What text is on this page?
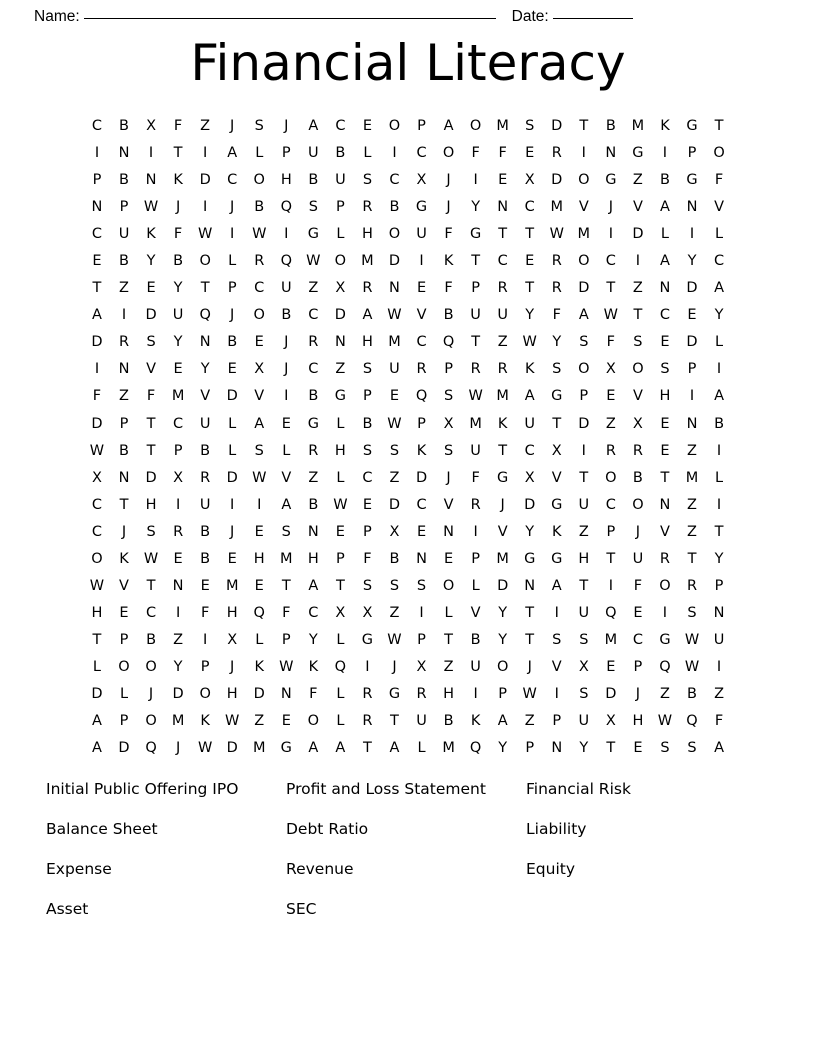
Name:	Date:
Financial Literacy
C	B	X	F	Z	J	S	J	A	C	E	O	P	A	O	M	S	D	T	B	M	K	G	T
I	N	I	T	I	A	L	P	U	B	L	I	C	O	F	F	E	R	I	N	G	I	P	O
P	B	N	K	D	C	O	H	B	U	S	C	X	J	I	E	X	D	O	G	Z	B	G	F
N	P	W	J	I	J	B	Q	S	P	R	B	G	J	Y	N	C	M	V	J	V	A	N	V
C	U	K	F	W	I	W	I	G	L	H	O	U	F	G	T	T	W	M	I	D	L	I	L
E	B	Y	B	O	L	R	Q	W	O	M	D	I	K	T	C	E	R	O	C	I	A	Y	C
T	Z	E	Y	T	P	C	U	Z	X	R	N	E	F	P	R	T	R	D	T	Z	N	D	A
A	I	D	U	Q	J	O	B	C	D	A	W	V	B	U	U	Y	F	A	W	T	C	E	Y
D	R	S	Y	N	B	E	J	R	N	H	M	C	Q	T	Z	W	Y	S	F	S	E	D	L
I	N	V	E	Y	E	X	J	C	Z	S	U	R	P	R	R	K	S	O	X	O	S	P	I
F	Z	F	M	V	D	V	I	B	G	P	E	Q	S	W	M	A	G	P	E	V	H	I	A
D	P	T	C	U	L	A	E	G	L	B	W	P	X	M	K	U	T	D	Z	X	E	N	B
W	B	T	P	B	L	S	L	R	H	S	S	K	S	U	T	C	X	I	R	R	E	Z	I
X	N	D	X	R	D	W	V	Z	L	C	Z	D	J	F	G	X	V	T	O	B	T	M	L
C	T	H	I	U	I	I	A	B	W	E	D	C	V	R	J	D	G	U	C	O	N	Z	I
C	J	S	R	B	J	E	S	N	E	P	X	E	N	I	V	Y	K	Z	P	J	V	Z	T
O	K	W	E	B	E	H	M	H	P	F	B	N	E	P	M	G	G	H	T	U	R	T	Y
W	V	T	N	E	M	E	T	A	T	S	S	S	O	L	D	N	A	T	I	F	O	R	P
H	E	C	I	F	H	Q	F	C	X	X	Z	I	L	V	Y	T	I	U	Q	E	I	S	N
T	P	B	Z	I	X	L	P	Y	L	G	W	P	T	B	Y	T	S	S	M	C	G	W	U
L	O	O	Y	P	J	K	W	K	Q	I	J	X	Z	U	O	J	V	X	E	P	Q	W	I
D	L	J	D	O	H	D	N	F	L	R	G	R	H	I	P	W	I	S	D	J	Z	B	Z
A	P	O	M	K	W	Z	E	O	L	R	T	U	B	K	A	Z	P	U	X	H	W	Q	F
A	D	Q	J	W	D	M	G	A	A	T	A	L	M	Q	Y	P	N	Y	T	E	S	S	A
Initial Public Offering IPO	Profit and Loss Statement	Financial Risk
Balance Sheet	Debt Ratio	Liability
Expense	Revenue	Equity
Asset	SEC
